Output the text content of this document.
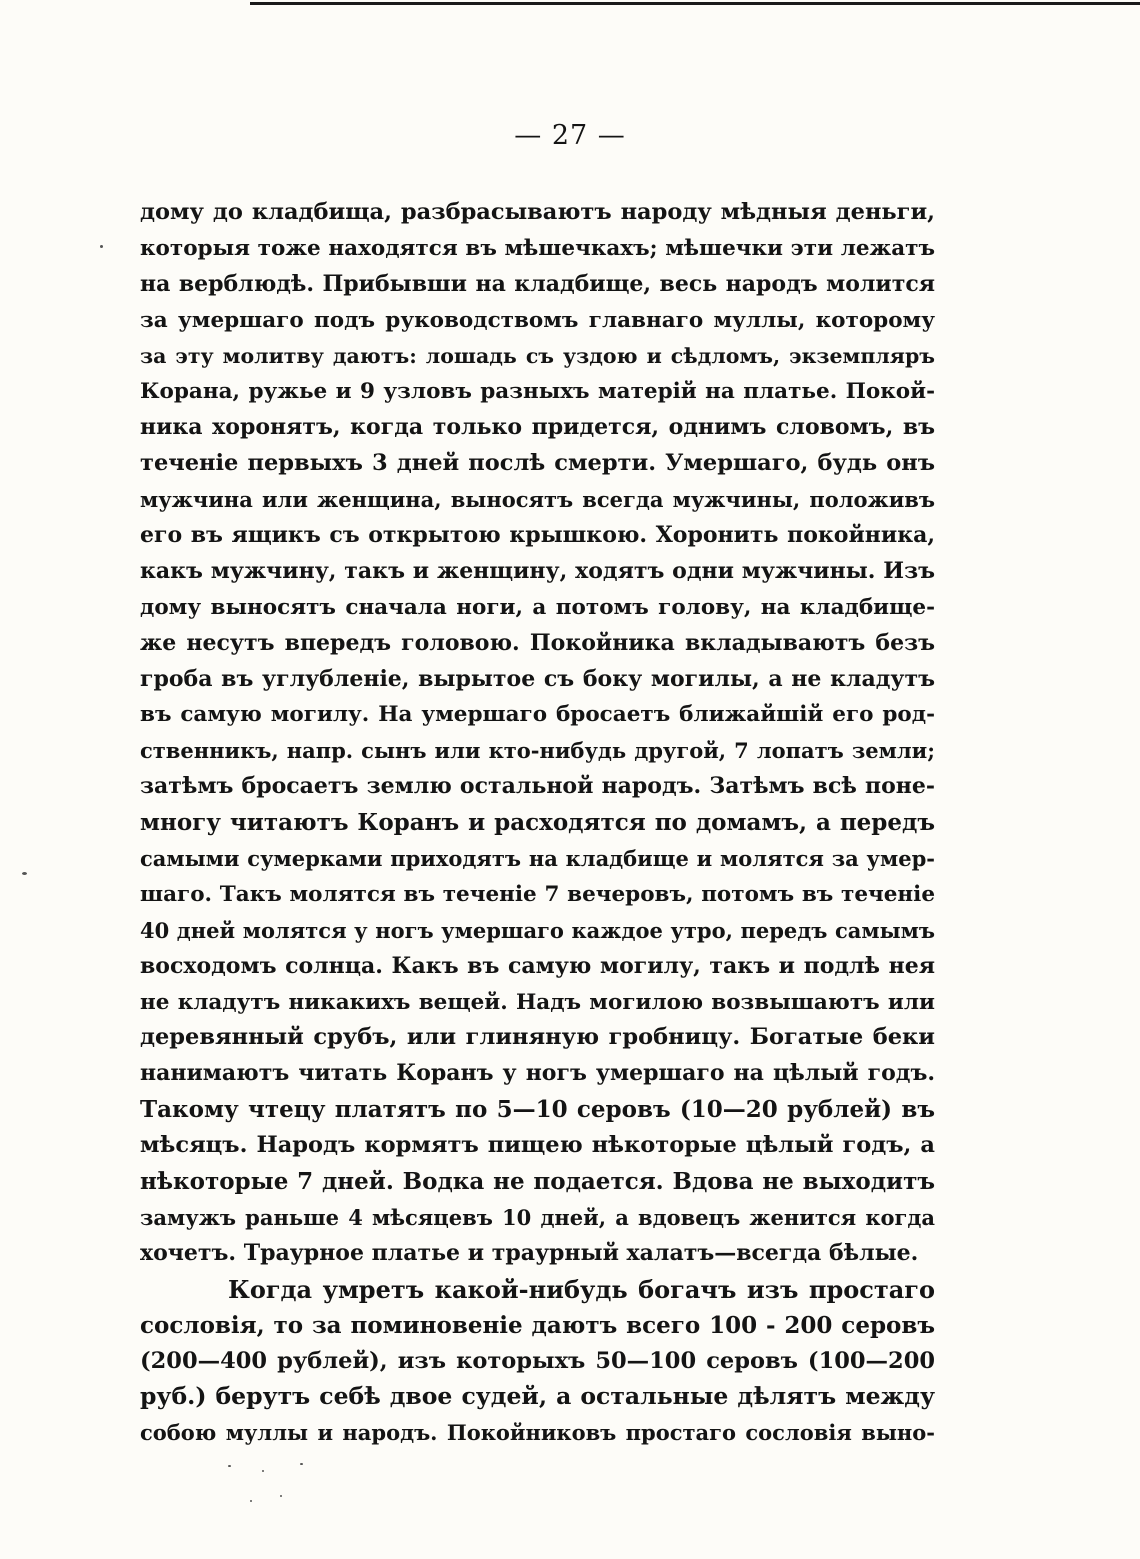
— 27 —
дому до кладбища, разбрасываютъ народу мѣдныя деньги,
которыя тоже находятся въ мѣшечкахъ; мѣшечки эти лежатъ
на верблюдѣ. Прибывши на кладбище, весь народъ молится
за умершаго подъ руководствомъ главнаго муллы, которому
за эту молитву даютъ: лошадь съ уздою и сѣдломъ, экземпляръ
Корана, ружье и 9 узловъ разныхъ матерій на платье. Покой-
ника хоронятъ, когда только придется, однимъ словомъ, въ
теченіе первыхъ 3 дней послѣ смерти. Умершаго, будь онъ
мужчина или женщина, выносятъ всегда мужчины, положивъ
его въ ящикъ съ открытою крышкою. Хоронить покойника,
какъ мужчину, такъ и женщину, ходятъ одни мужчины. Изъ
дому выносятъ сначала ноги, а потомъ голову, на кладбище-
же несутъ впередъ головою. Покойника вкладываютъ безъ
гроба въ углубленіе, вырытое съ боку могилы, а не кладутъ
въ самую могилу. На умершаго бросаетъ ближайшій его род-
ственникъ, напр. сынъ или кто-нибудь другой, 7 лопатъ земли;
затѣмъ бросаетъ землю остальной народъ. Затѣмъ всѣ поне-
многу читаютъ Коранъ и расходятся по домамъ, а передъ
самыми сумерками приходятъ на кладбище и молятся за умер-
шаго. Такъ молятся въ теченіе 7 вечеровъ, потомъ въ теченіе
40 дней молятся у ногъ умершаго каждое утро, передъ самымъ
восходомъ солнца. Какъ въ самую могилу, такъ и подлѣ нея
не кладутъ никакихъ вещей. Надъ могилою возвышаютъ или
деревянный срубъ, или глиняную гробницу. Богатые беки
нанимаютъ читать Коранъ у ногъ умершаго на цѣлый годъ.
Такому чтецу платятъ по 5—10 серовъ (10—20 рублей) въ
мѣсяцъ. Народъ кормятъ пищею нѣкоторые цѣлый годъ, а
нѣкоторые 7 дней. Водка не подается. Вдова не выходитъ
замужъ раньше 4 мѣсяцевъ 10 дней, а вдовецъ женится когда
хочетъ. Траурное платье и траурный халатъ—всегда бѣлые.
Когда умретъ какой-нибудь богачъ изъ простаго
сословія, то за поминовеніе даютъ всего 100 - 200 серовъ
(200—400 рублей), изъ которыхъ 50—100 серовъ (100—200
руб.) берутъ себѣ двое судей, а остальные дѣлятъ между
собою муллы и народъ. Покойниковъ простаго сословія выно-
